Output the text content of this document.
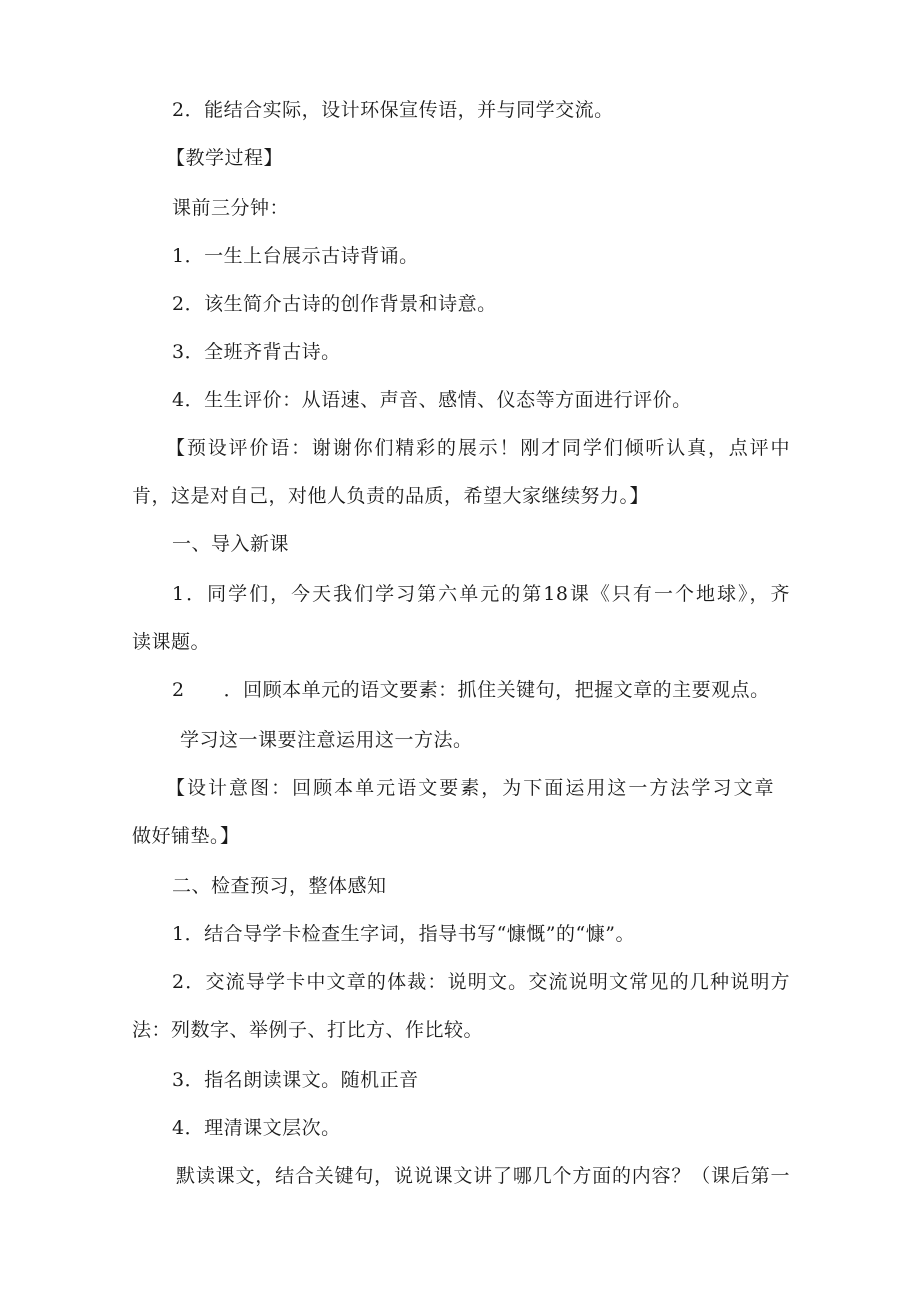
2．能结合实际，设计环保宣传语，并与同学交流。
【教学过程】
课前三分钟：
1．一生上台展示古诗背诵。
2．该生简介古诗的创作背景和诗意。
3．全班齐背古诗。
4．生生评价：从语速、声音、感情、仪态等方面进行评价。
【预设评价语：谢谢你们精彩的展示！刚才同学们倾听认真，点评中
肯，这是对自己，对他人负责的品质，希望大家继续努力。】
一、导入新课
1．同学们，今天我们学习第六单元的第18课《只有一个地球》，齐
读课题。
2　　．回顾本单元的语文要素：抓住关键句，把握文章的主要观点。
学习这一课要注意运用这一方法。
【设计意图：回顾本单元语文要素，为下面运用这一方法学习文章
做好铺垫。】
二、检查预习，整体感知
1．结合导学卡检查生字词，指导书写“慷慨”的“慷”。
2．交流导学卡中文章的体裁：说明文。交流说明文常见的几种说明方
法：列数字、举例子、打比方、作比较。
3．指名朗读课文。随机正音
4．理清课文层次。
默读课文，结合关键句，说说课文讲了哪几个方面的内容？（课后第一
